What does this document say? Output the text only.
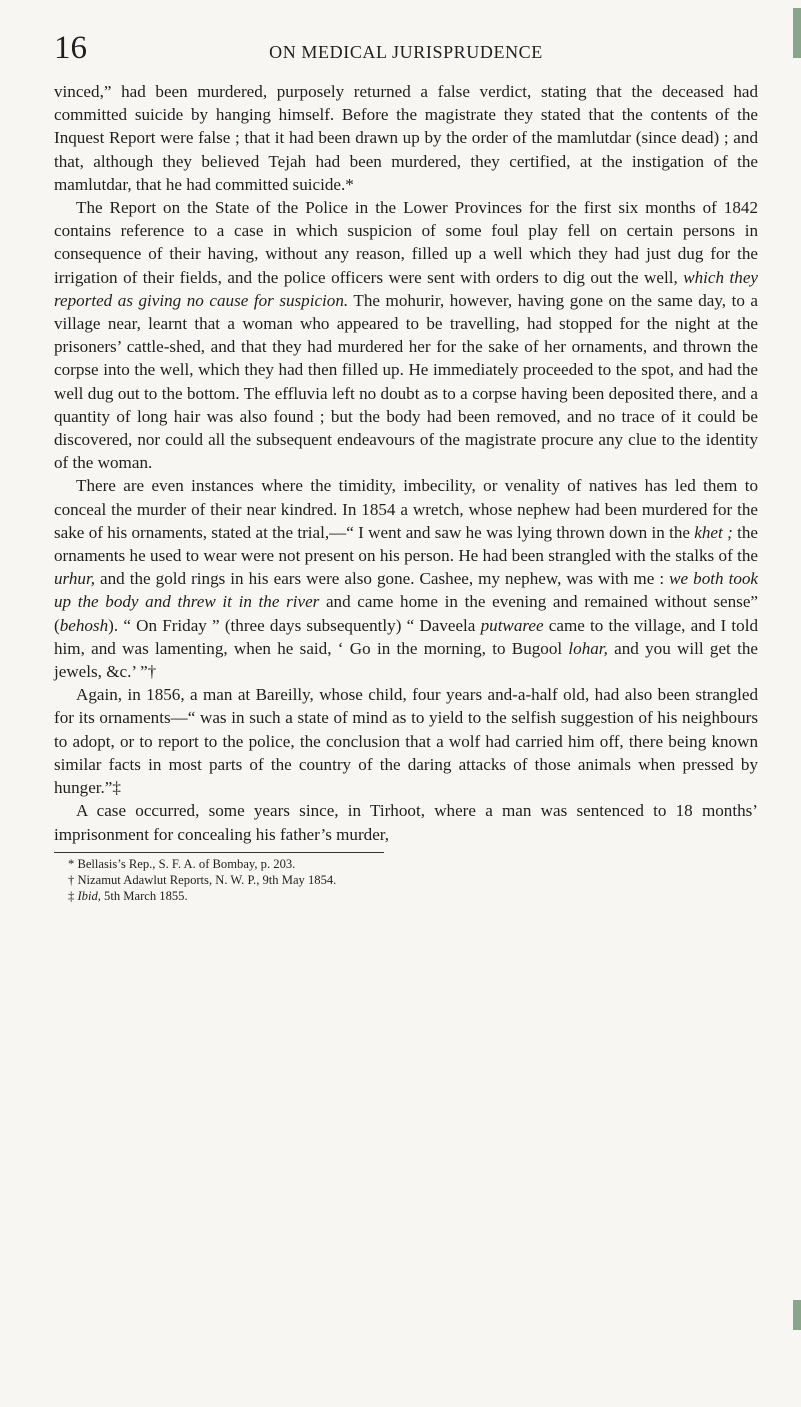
16	ON MEDICAL JURISPRUDENCE

vinced,” had been murdered, purposely returned a false verdict, stating that the deceased had committed suicide by hanging himself. Before the magistrate they stated that the contents of the Inquest Report were false ; that it had been drawn up by the order of the mamlutdar (since dead) ; and that, although they believed Tejah had been murdered, they certified, at the instigation of the mamlutdar, that he had committed suicide.*

The Report on the State of the Police in the Lower Provinces for the first six months of 1842 contains reference to a case in which suspicion of some foul play fell on certain persons in consequence of their having, without any reason, filled up a well which they had just dug for the irrigation of their fields, and the police officers were sent with orders to dig out the well, which they reported as giving no cause for suspicion. The mohurir, however, having gone on the same day, to a village near, learnt that a woman who appeared to be travelling, had stopped for the night at the prisoners’ cattle-shed, and that they had murdered her for the sake of her ornaments, and thrown the corpse into the well, which they had then filled up. He immediately proceeded to the spot, and had the well dug out to the bottom. The effluvia left no doubt as to a corpse having been deposited there, and a quantity of long hair was also found ; but the body had been removed, and no trace of it could be discovered, nor could all the subsequent endeavours of the magistrate procure any clue to the identity of the woman.

There are even instances where the timidity, imbecility, or venality of natives has led them to conceal the murder of their near kindred. In 1854 a wretch, whose nephew had been murdered for the sake of his ornaments, stated at the trial,—“ I went and saw he was lying thrown down in the khet ; the ornaments he used to wear were not present on his person. He had been strangled with the stalks of the urhur, and the gold rings in his ears were also gone. Cashee, my nephew, was with me : we both took up the body and threw it in the river and came home in the evening and remained without sense” (behosh). “ On Friday ” (three days subsequently) “ Daveela putwaree came to the village, and I told him, and was lamenting, when he said, ‘ Go in the morning, to Bugool lohar, and you will get the jewels, &c.’ ”†

Again, in 1856, a man at Bareilly, whose child, four years and-a-half old, had also been strangled for its ornaments—“ was in such a state of mind as to yield to the selfish suggestion of his neighbours to adopt, or to report to the police, the conclusion that a wolf had carried him off, there being known similar facts in most parts of the country of the daring attacks of those animals when pressed by hunger.”‡

A case occurred, some years since, in Tirhoot, where a man was sentenced to 18 months’ imprisonment for concealing his father’s murder,

* Bellasis’s Rep., S. F. A. of Bombay, p. 203.
† Nizamut Adawlut Reports, N. W. P., 9th May 1854.
‡ Ibid, 5th March 1855.
